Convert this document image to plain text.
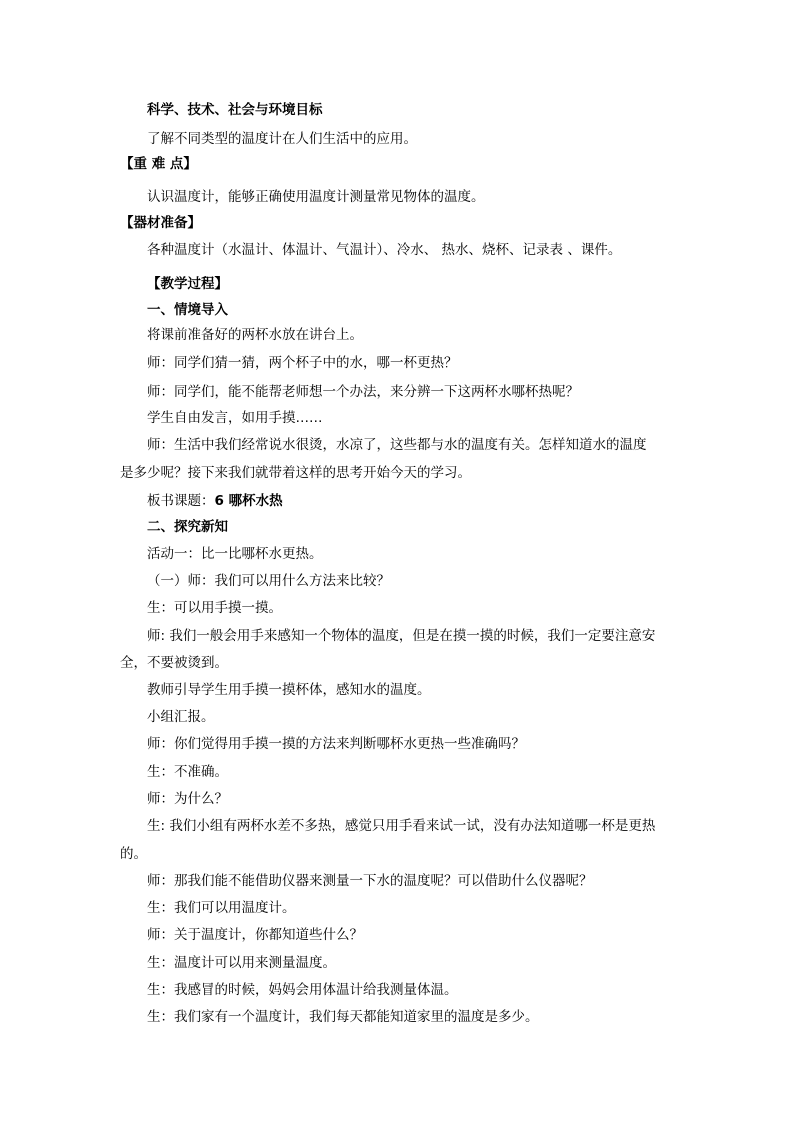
科学、技术、社会与环境目标
了解不同类型的温度计在人们生活中的应用。
【重 难 点】
认识温度计，能够正确使用温度计测量常见物体的温度。
【器材准备】
各种温度计（水温计、体温计、气温计）、冷水、 热水、烧杯、记录表 、课件。
【教学过程】
一、情境导入
将课前准备好的两杯水放在讲台上。
师：同学们猜一猜，两个杯子中的水，哪一杯更热？
师：同学们，能不能帮老师想一个办法，来分辨一下这两杯水哪杯热呢？
学生自由发言，如用手摸……
师：生活中我们经常说水很烫，水凉了，这些都与水的温度有关。怎样知道水的温度
是多少呢？接下来我们就带着这样的思考开始今天的学习。
板书课题：6 哪杯水热
二、探究新知
活动一：比一比哪杯水更热。
（一）师：我们可以用什么方法来比较？
生：可以用手摸一摸。
师: 我们一般会用手来感知一个物体的温度，但是在摸一摸的时候，我们一定要注意安
全，不要被烫到。
教师引导学生用手摸一摸杯体，感知水的温度。
小组汇报。
师：你们觉得用手摸一摸的方法来判断哪杯水更热一些准确吗？
生：不准确。
师：为什么？
生: 我们小组有两杯水差不多热，感觉只用手看来试一试，没有办法知道哪一杯是更热
的。
师：那我们能不能借助仪器来测量一下水的温度呢？可以借助什么仪器呢？
生：我们可以用温度计。
师：关于温度计，你都知道些什么？
生：温度计可以用来测量温度。
生：我感冒的时候，妈妈会用体温计给我测量体温。
生：我们家有一个温度计，我们每天都能知道家里的温度是多少。
